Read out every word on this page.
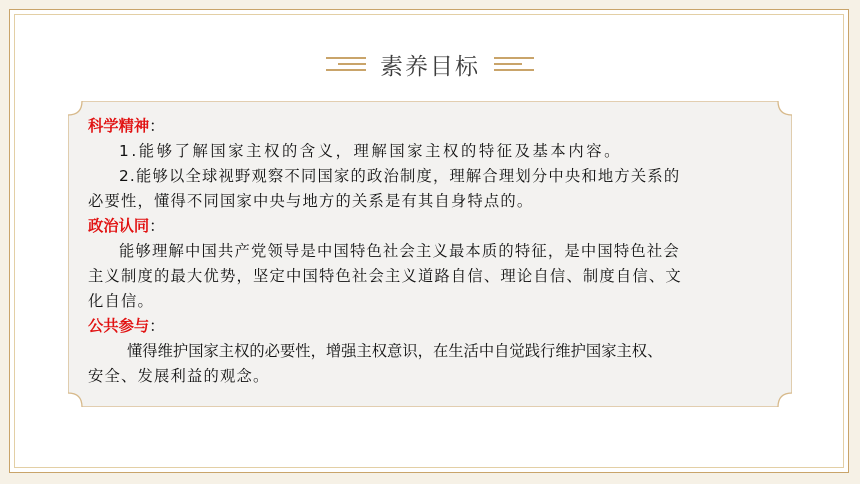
素养目标
科学精神：
1.能够了解国家主权的含义，理解国家主权的特征及基本内容。
2.能够以全球视野观察不同国家的政治制度，理解合理划分中央和地方关系的
必要性，懂得不同国家中央与地方的关系是有其自身特点的。
政治认同：
能够理解中国共产党领导是中国特色社会主义最本质的特征，是中国特色社会
主义制度的最大优势，坚定中国特色社会主义道路自信、理论自信、制度自信、文
化自信。
公共参与：
懂得维护国家主权的必要性，增强主权意识，在生活中自觉践行维护国家主权、
安全、发展利益的观念。
